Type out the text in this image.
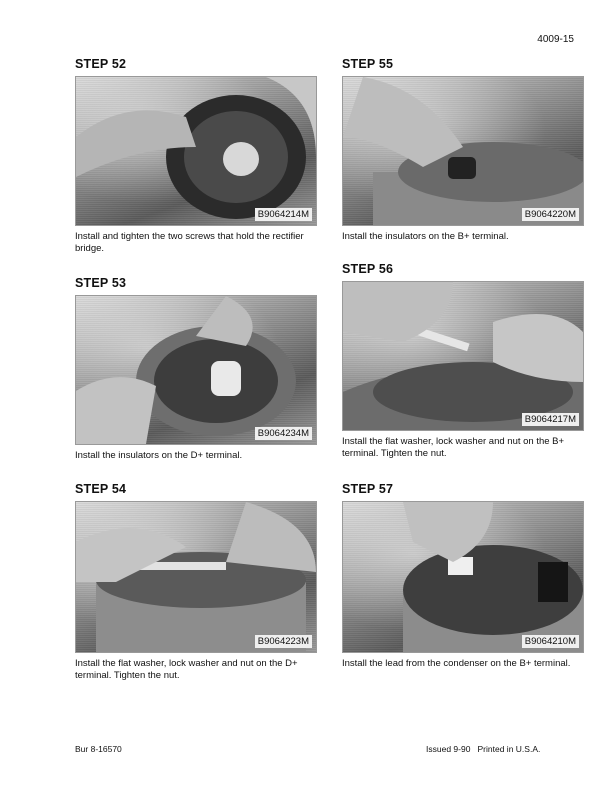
4009-15
STEP 52
B9064214M
Install and tighten the two screws that hold the rectifier bridge.
STEP 53
B9064234M
Install the insulators on the D+ terminal.
STEP 54
B9064223M
Install the flat washer, lock washer and nut on the D+ terminal. Tighten the nut.
STEP 55
B9064220M
Install the insulators on the B+ terminal.
STEP 56
B9064217M
Install the flat washer, lock washer and nut on the B+ terminal. Tighten the nut.
STEP 57
B9064210M
Install the lead from the condenser on the B+ terminal.
Bur 8-16570	Issued 9-90 Printed in U.S.A.
